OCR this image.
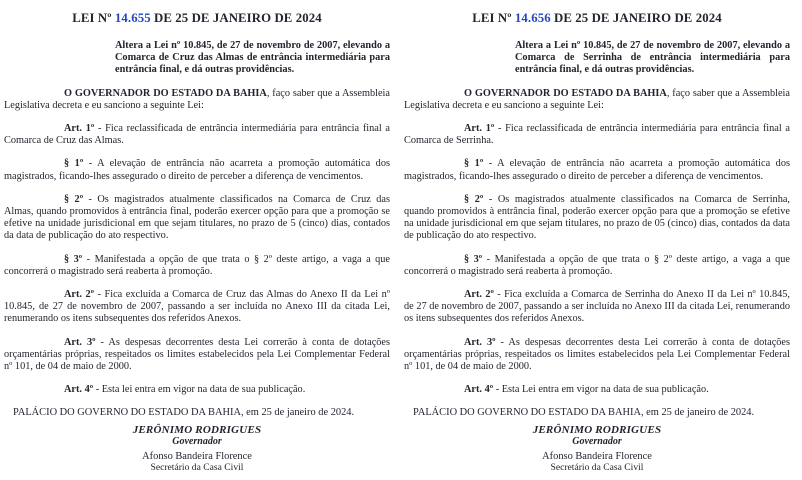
LEI Nº 14.655 DE 25 DE JANEIRO DE 2024

Altera a Lei nº 10.845, de 27 de novembro de 2007, elevando a Comarca de Cruz das Almas de entrância intermediária para entrância final, e dá outras providências.

O GOVERNADOR DO ESTADO DA BAHIA, faço saber que a Assembleia Legislativa decreta e eu sanciono a seguinte Lei:

Art. 1º - Fica reclassificada de entrância intermediária para entrância final a Comarca de Cruz das Almas.

§ 1º - A elevação de entrância não acarreta a promoção automática dos magistrados, ficando-lhes assegurado o direito de perceber a diferença de vencimentos.

§ 2º - Os magistrados atualmente classificados na Comarca de Cruz das Almas, quando promovidos à entrância final, poderão exercer opção para que a promoção se efetive na unidade jurisdicional em que sejam titulares, no prazo de 5 (cinco) dias, contados da data de publicação do ato respectivo.

§ 3º - Manifestada a opção de que trata o § 2º deste artigo, a vaga a que concorrerá o magistrado será reaberta à promoção.

Art. 2º - Fica excluída a Comarca de Cruz das Almas do Anexo II da Lei nº 10.845, de 27 de novembro de 2007, passando a ser incluída no Anexo III da citada Lei, renumerando os itens subsequentes dos referidos Anexos.

Art. 3º - As despesas decorrentes desta Lei correrão à conta de dotações orçamentárias próprias, respeitados os limites estabelecidos pela Lei Complementar Federal nº 101, de 04 de maio de 2000.

Art. 4º - Esta lei entra em vigor na data de sua publicação.

PALÁCIO DO GOVERNO DO ESTADO DA BAHIA, em 25 de janeiro de 2024.

JERÔNIMO RODRIGUES
Governador
Afonso Bandeira Florence
Secretário da Casa Civil
LEI Nº 14.656 DE 25 DE JANEIRO DE 2024

Altera a Lei nº 10.845, de 27 de novembro de 2007, elevando a Comarca de Serrinha de entrância intermediária para entrância final, e dá outras providências.

O GOVERNADOR DO ESTADO DA BAHIA, faço saber que a Assembleia Legislativa decreta e eu sanciono a seguinte Lei:

Art. 1º - Fica reclassificada de entrância intermediária para entrância final a Comarca de Serrinha.

§ 1º - A elevação de entrância não acarreta a promoção automática dos magistrados, ficando-lhes assegurado o direito de perceber a diferença de vencimentos.

§ 2º - Os magistrados atualmente classificados na Comarca de Serrinha, quando promovidos à entrância final, poderão exercer opção para que a promoção se efetive na unidade jurisdicional em que sejam titulares, no prazo de 05 (cinco) dias, contados da data de publicação do ato respectivo.

§ 3º - Manifestada a opção de que trata o § 2º deste artigo, a vaga a que concorrerá o magistrado será reaberta à promoção.

Art. 2º - Fica excluída a Comarca de Serrinha do Anexo II da Lei nº 10.845, de 27 de novembro de 2007, passando a ser incluída no Anexo III da citada Lei, renumerando os itens subsequentes dos referidos Anexos.

Art. 3º - As despesas decorrentes desta Lei correrão à conta de dotações orçamentárias próprias, respeitados os limites estabelecidos pela Lei Complementar Federal nº 101, de 04 de maio de 2000.

Art. 4º - Esta Lei entra em vigor na data de sua publicação.

PALÁCIO DO GOVERNO DO ESTADO DA BAHIA, em 25 de janeiro de 2024.

JERÔNIMO RODRIGUES
Governador
Afonso Bandeira Florence
Secretário da Casa Civil
